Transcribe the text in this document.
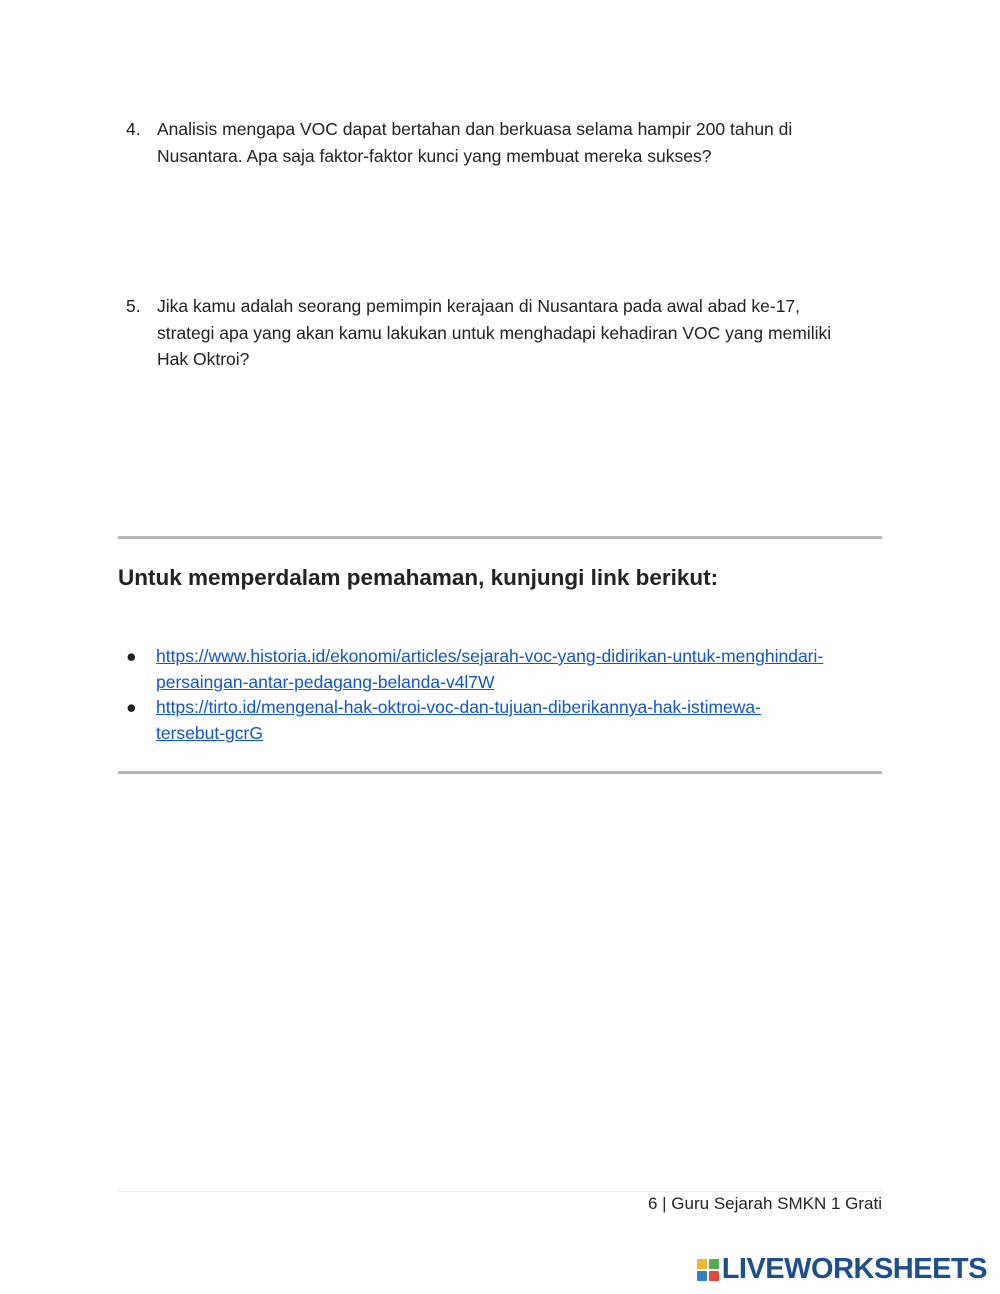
4. Analisis mengapa VOC dapat bertahan dan berkuasa selama hampir 200 tahun di
Nusantara. Apa saja faktor-faktor kunci yang membuat mereka sukses?
5. Jika kamu adalah seorang pemimpin kerajaan di Nusantara pada awal abad ke-17,
strategi apa yang akan kamu lakukan untuk menghadapi kehadiran VOC yang memiliki
Hak Oktroi?
Untuk memperdalam pemahaman, kunjungi link berikut:
● https://www.historia.id/ekonomi/articles/sejarah-voc-yang-didirikan-untuk-menghindari-
persaingan-antar-pedagang-belanda-v4l7W
● https://tirto.id/mengenal-hak-oktroi-voc-dan-tujuan-diberikannya-hak-istimewa-
tersebut-gcrG
6 | Guru Sejarah SMKN 1 Grati
LIVEWORKSHEETS
